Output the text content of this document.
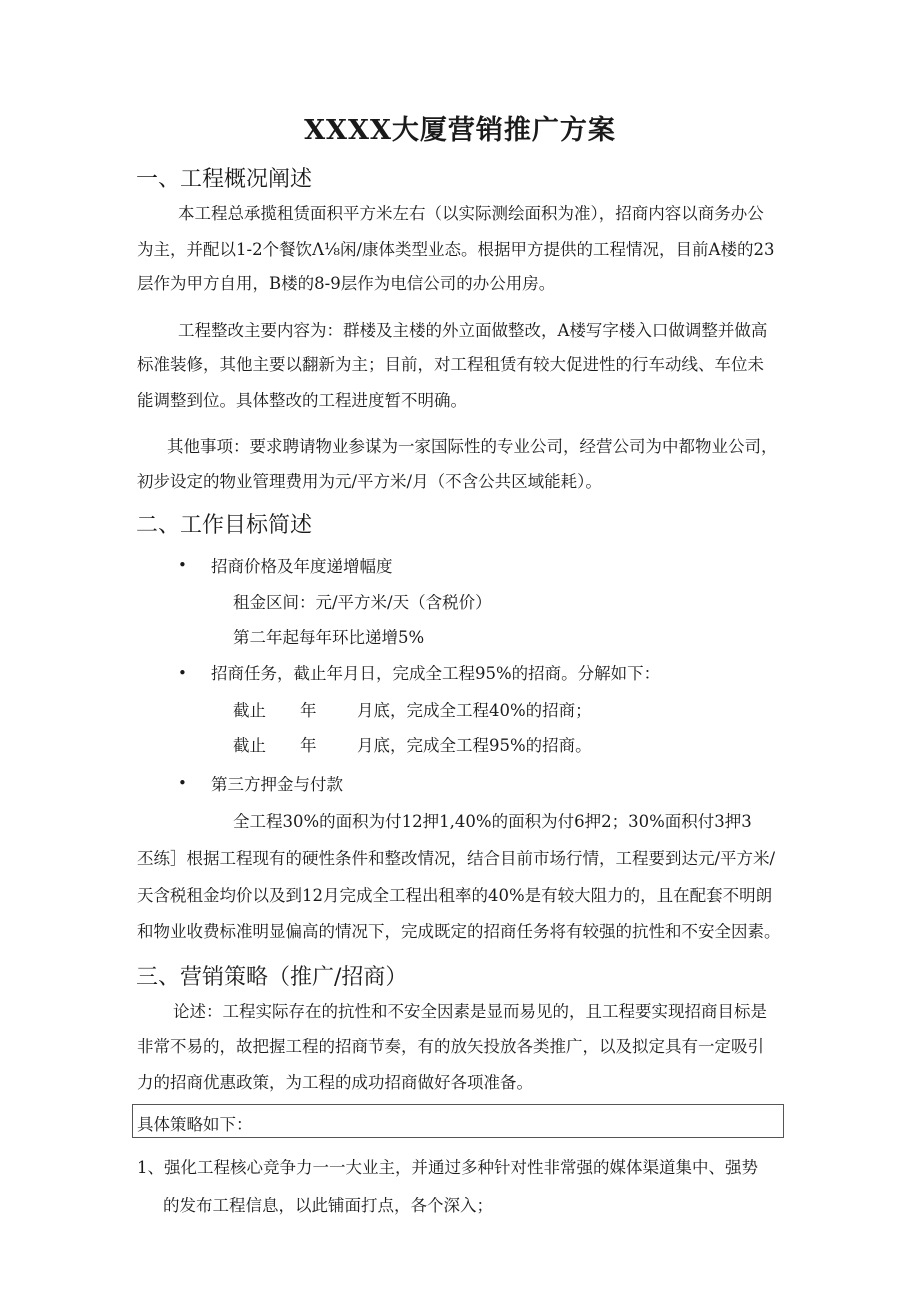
XXXX大厦营销推广方案
一、工程概况阐述
本工程总承揽租赁面积平方米左右（以实际测绘面积为准），招商内容以商务办公
为主，并配以1-2个餐饮Λ⅛闲/康体类型业态。根据甲方提供的工程情况，目前A楼的23
层作为甲方自用，B楼的8-9层作为电信公司的办公用房。
工程整改主要内容为：群楼及主楼的外立面做整改，A楼写字楼入口做调整并做高
标准装修，其他主要以翻新为主；目前，对工程租赁有较大促进性的行车动线、车位未
能调整到位。具体整改的工程进度暂不明确。
其他事项：要求聘请物业参谋为一家国际性的专业公司，经营公司为中都物业公司，
初步设定的物业管理费用为元/平方米/月（不含公共区域能耗）。
二、工作目标简述
• 招商价格及年度递增幅度
租金区间：元/平方米/天（含税价）
第二年起每年环比递增5%
• 招商任务，截止年月日，完成全工程95%的招商。分解如下：
截止 年 月底，完成全工程40%的招商；
截止 年 月底，完成全工程95%的招商。
• 第三方押金与付款
全工程30%的面积为付12押1,40%的面积为付6押2；30%面积付3押3
丕练］根据工程现有的硬性条件和整改情况，结合目前市场行情，工程要到达元/平方米/
天含税租金均价以及到12月完成全工程出租率的40%是有较大阻力的，且在配套不明朗
和物业收费标准明显偏高的情况下，完成既定的招商任务将有较强的抗性和不安全因素。
三、营销策略（推广/招商）
论述：工程实际存在的抗性和不安全因素是显而易见的，且工程要实现招商目标是
非常不易的，故把握工程的招商节奏，有的放矢投放各类推广，以及拟定具有一定吸引
力的招商优惠政策，为工程的成功招商做好各项准备。
具体策略如下：
1、强化工程核心竞争力一一大业主，并通过多种针对性非常强的媒体渠道集中、强势
的发布工程信息，以此铺面打点，各个深入；
